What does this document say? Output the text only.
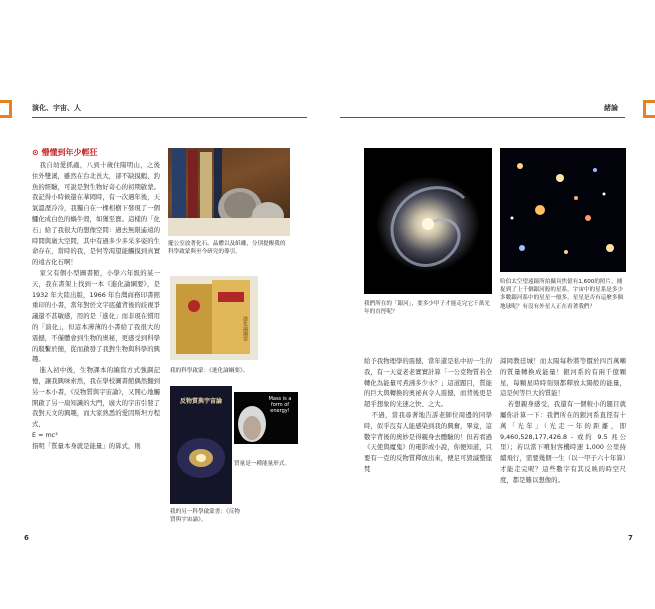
演化、宇宙、人	緒論
⊙ 懵懂到年少輕狂

我自幼愛抓蟲，八到十歲住陽明山，之後住外雙溪，雖然在台北長大，卻不缺摸蝦、釣魚的經驗，可說是對生物好奇心的初期啟蒙。我記得小時候還在華岡時，有一次遇年後，天氣溫溼冷冷，我獨自在一棵相樹下發現了一個鱷化成白色的蝸牛殼，如獲至寶。這樣的「化石」給了我很大的想像空間：過去無限遙遠的時間與廣大空間，其中有過多少多采多姿的生命存在，當時的我，是何等渴望能觸摸到真實的遠古化石啊！

家父有個小型圖書館，小學六年級的某一天，我在書架上找到一本《進化論綱要》，是 1932 年大陸出版，1966 年台灣商務印書館重印的小書，當年對於文字底蘊背後的歧視爭議還不甚敏感，用的是「進化」而非現在慣用的「演化」，但這本薄薄的小書給了我很大的震撼，不僅體會到生物的奧秘，更感受到科學的駁繫於簡，從而啟發了我對生物與科學的興趣。

進入初中後，生物課本的編寫方式強調記憶，讓我興味索然，我在學校圖書館偶然翻到另一本小書，《反物質與宇宙論》，又開心地觸開啟了另一扇知識的大門，廣大的宇宙引發了我對天文的興趣，而大家熟悉的愛因斯坦方程式，

E = mc²

指明「質量本身就是能量」的算式，則

擺公室放著化石、晶體以及紙雕，分別提醒我的科學啟蒙與至今研究的導引。
進化論綱要
我的科學啟蒙：《進化論綱要》。
反物質與宇宙論
我的另一科學啟蒙書：《反物質與宇宙論》。
Mass is a form of energy!
質量是一種能量形式。
我們所在的「銀河」，要多少甲子才能走完它千萬光年的直徑呢？
哈伯太空望遠鏡所拍攝具焦億有1,600的照片，捕捉到了上千個銀河般的星系，宇宙中的星系是多少多數銀河系中的星星一般多，星星是否有這麼多個地球呢？有沒有外星人正在看著我們？

給予我物理學的震撼，當年還是私中初一生的我，有一天竟老老實實計算「一公克物質若全轉化為能量可煮沸多少水？」這道題目，質能的巨大與轉換的奧祕真令人震撼，而背後更是超乎想象的光速之快、之大。

不過，當我尋著地告訴老師位周邊的同學時，似乎沒有人能感染到我的興奮，畢竟，這數字背後的奧妙是得親身去體驗的！但若看過《天使與魔鬼》的電影或小說，你便知道，只要有一克的反物質釋放出來，便足可毀滅整座梵

諦岡教廷城！而太陽每秒將等價於四百萬噸的質量轉換成能量！銀河系的有兩千億顆星，每顆星時時刻刻都釋放太陽般的能量，這是何等巨大的質能！

若想親身感受，我還有一個較小的題目就屬你計算一下：我們所在的銀河系直徑有十萬「光年」（光走一年的距離，即 9,460,528,177,426.8 - 或約 9.5 兆公里）；若以當下噴射客機時速 1,000 公里持續飛行，需要幾個一生（以一甲子六十年算）才能走完呢？這些數字有其反映的時空尺度，都是難以想像的。

6	7
